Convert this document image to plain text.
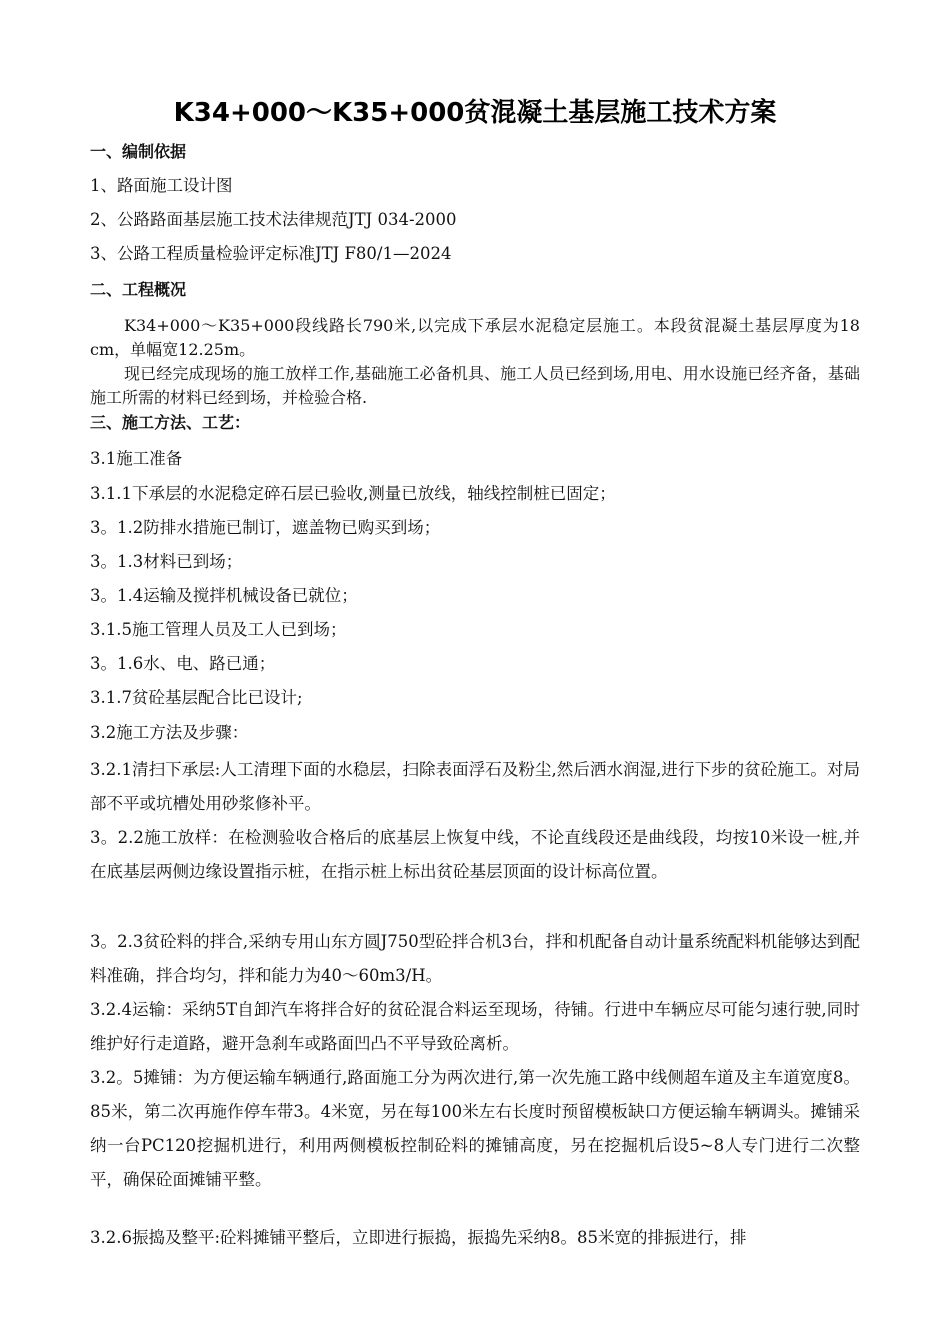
K34+000～K35+000贫混凝土基层施工技术方案
一、编制依据
1、路面施工设计图
2、公路路面基层施工技术法律规范JTJ 034-2000
3、公路工程质量检验评定标准JTJ F80/1—2024
二、工程概况
K34+000～K35+000段线路长790米,以完成下承层水泥稳定层施工。本段贫混凝土基层厚度为18 cm，单幅宽12.25m。
现已经完成现场的施工放样工作,基础施工必备机具、施工人员已经到场,用电、用水设施已经齐备，基础施工所需的材料已经到场，并检验合格.
三、施工方法、工艺：
3.1施工准备
3.1.1下承层的水泥稳定碎石层已验收,测量已放线，轴线控制桩已固定；
3。1.2防排水措施已制订，遮盖物已购买到场；
3。1.3材料已到场；
3。1.4运输及搅拌机械设备已就位；
3.1.5施工管理人员及工人已到场；
3。1.6水、电、路已通；
3.1.7贫砼基层配合比已设计;
3.2施工方法及步骤：
3.2.1清扫下承层:人工清理下面的水稳层，扫除表面浮石及粉尘,然后洒水润湿,进行下步的贫砼施工。对局部不平或坑槽处用砂浆修补平。
3。2.2施工放样：在检测验收合格后的底基层上恢复中线，不论直线段还是曲线段，均按10米设一桩,并在底基层两侧边缘设置指示桩，在指示桩上标出贫砼基层顶面的设计标高位置。
3。2.3贫砼料的拌合,采纳专用山东方圆J750型砼拌合机3台，拌和机配备自动计量系统配料机能够达到配料准确，拌合均匀，拌和能力为40～60m3/H。
3.2.4运输：采纳5T自卸汽车将拌合好的贫砼混合料运至现场，待铺。行进中车辆应尽可能匀速行驶,同时维护好行走道路，避开急刹车或路面凹凸不平导致砼离析。
3.2。5摊铺：为方便运输车辆通行,路面施工分为两次进行,第一次先施工路中线侧超车道及主车道宽度8。85米，第二次再施作停车带3。4米宽，另在每100米左右长度时预留模板缺口方便运输车辆调头。摊铺采纳一台PC120挖掘机进行，利用两侧模板控制砼料的摊铺高度，另在挖掘机后设5~8人专门进行二次整平，确保砼面摊铺平整。
3.2.6振捣及整平:砼料摊铺平整后，立即进行振捣，振捣先采纳8。85米宽的排振进行，排
